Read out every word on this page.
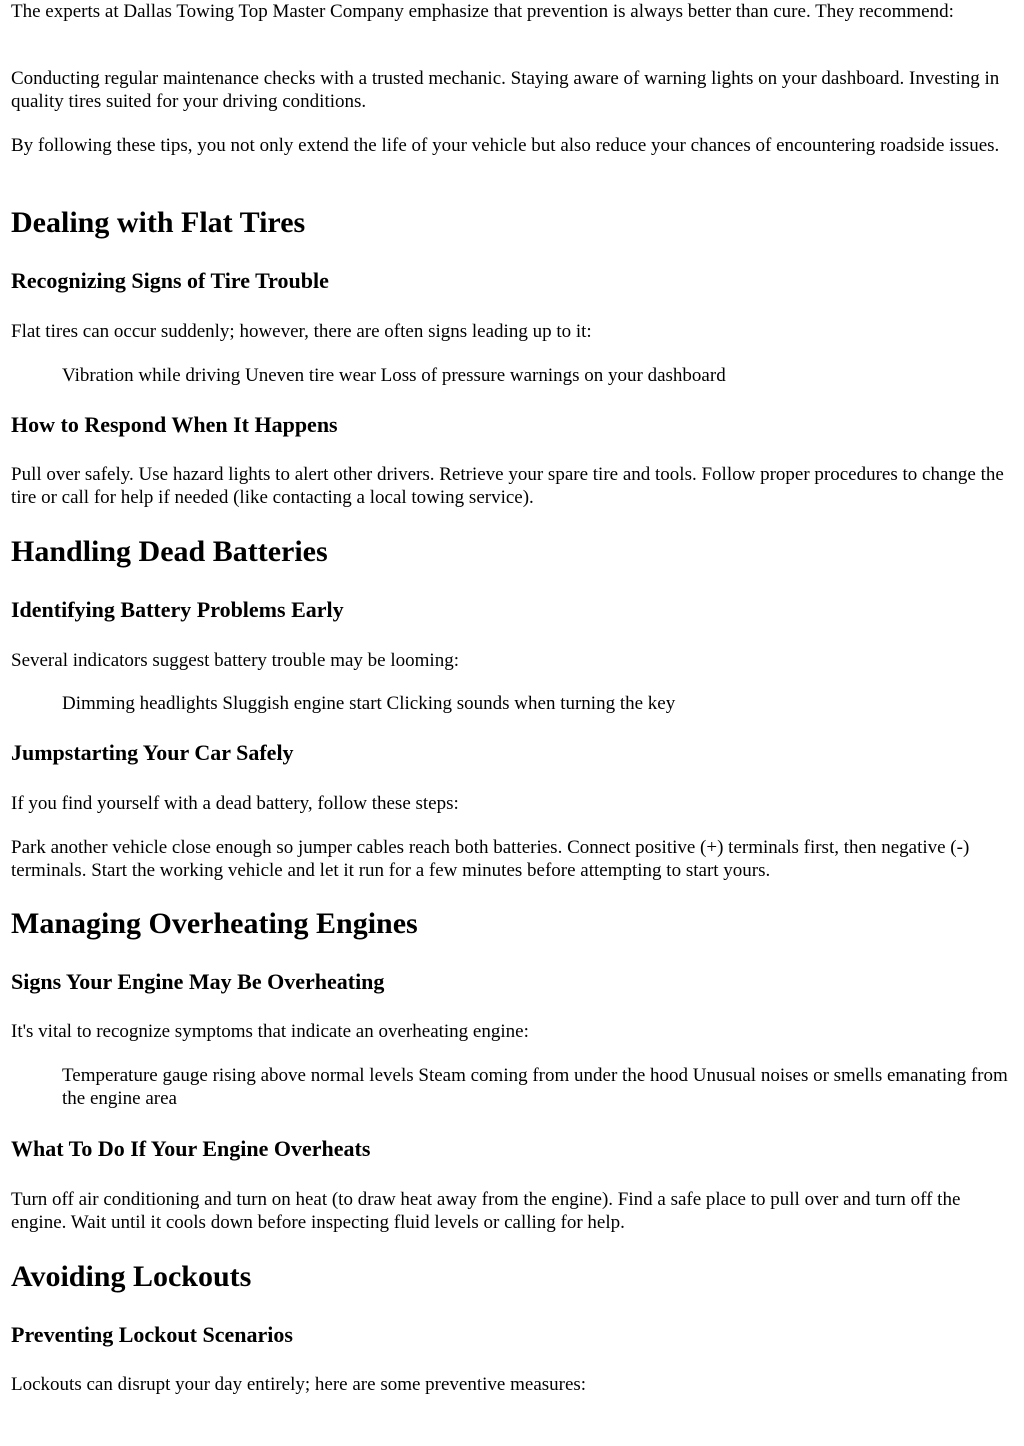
The experts at Dallas Towing Top Master Company emphasize that prevention is always better than cure. They recommend:

Conducting regular maintenance checks with a trusted mechanic. Staying aware of warning lights on your dashboard. Investing in quality tires suited for your driving conditions.

By following these tips, you not only extend the life of your vehicle but also reduce your chances of encountering roadside issues.

Dealing with Flat Tires
Recognizing Signs of Tire Trouble

Flat tires can occur suddenly; however, there are often signs leading up to it:

Vibration while driving Uneven tire wear Loss of pressure warnings on your dashboard

How to Respond When It Happens

Pull over safely. Use hazard lights to alert other drivers. Retrieve your spare tire and tools. Follow proper procedures to change the tire or call for help if needed (like contacting a local towing service).

Handling Dead Batteries
Identifying Battery Problems Early

Several indicators suggest battery trouble may be looming:

Dimming headlights Sluggish engine start Clicking sounds when turning the key

Jumpstarting Your Car Safely

If you find yourself with a dead battery, follow these steps:

Park another vehicle close enough so jumper cables reach both batteries. Connect positive (+) terminals first, then negative (-) terminals. Start the working vehicle and let it run for a few minutes before attempting to start yours.

Managing Overheating Engines
Signs Your Engine May Be Overheating

It's vital to recognize symptoms that indicate an overheating engine:

Temperature gauge rising above normal levels Steam coming from under the hood Unusual noises or smells emanating from the engine area

What To Do If Your Engine Overheats

Turn off air conditioning and turn on heat (to draw heat away from the engine). Find a safe place to pull over and turn off the engine. Wait until it cools down before inspecting fluid levels or calling for help.

Avoiding Lockouts
Preventing Lockout Scenarios

Lockouts can disrupt your day entirely; here are some preventive measures:
